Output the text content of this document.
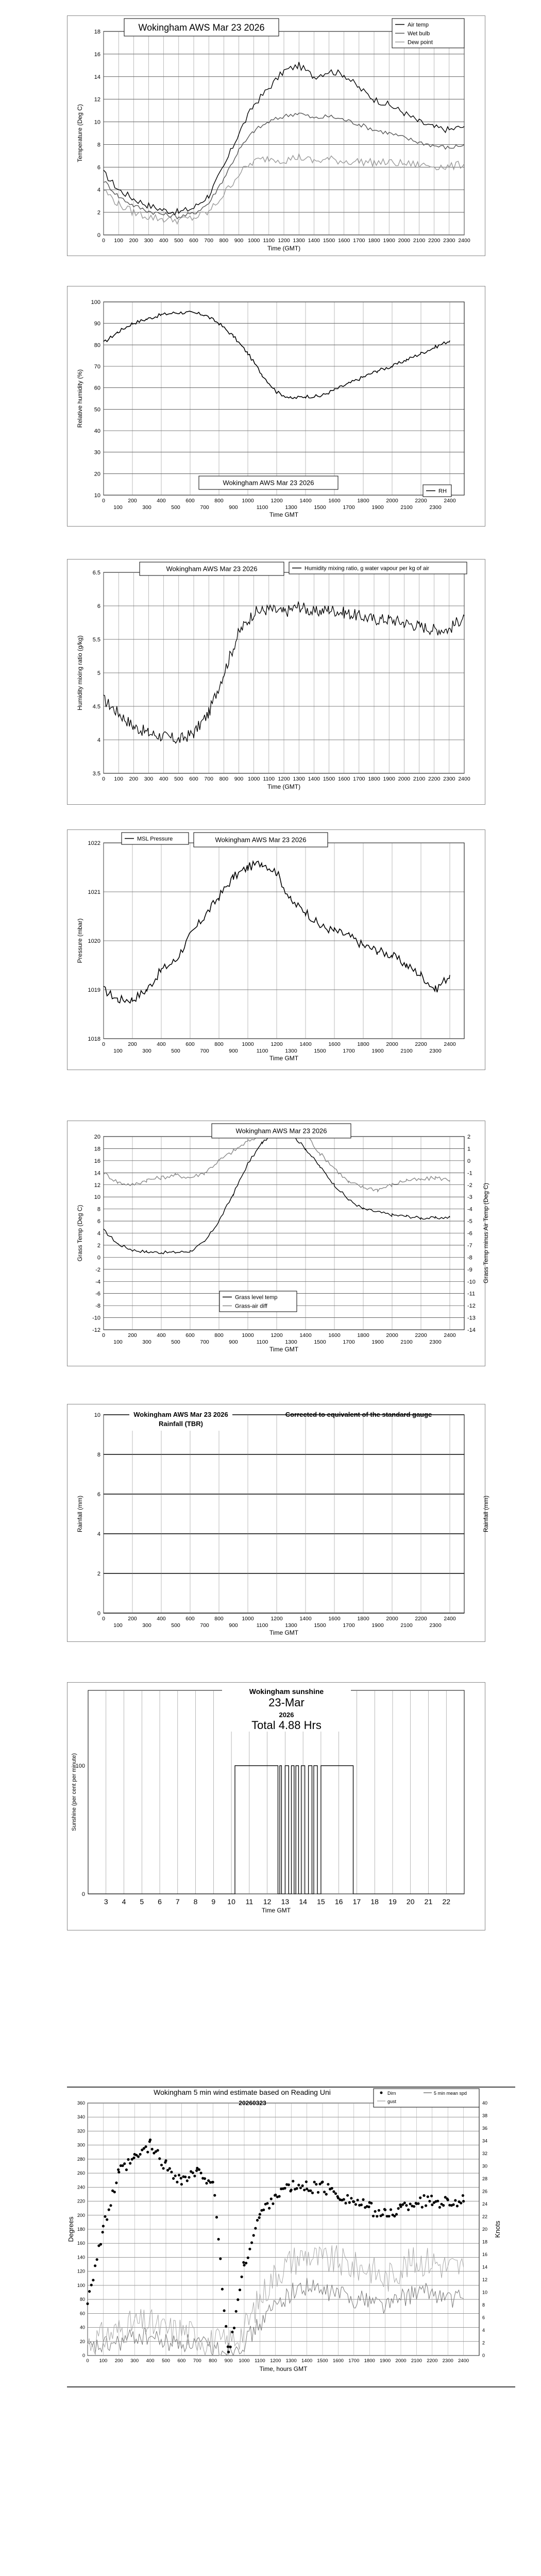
0
2
4
6
8
10
12
14
16
18
0 100 200 300 400 500 600 700 800 900 1000 1100 1200 1300 1400 1500 1600 1700 1800 1900 2000 2100 2200 2300 2400
Time (GMT)
Temperature (Deg C)
Wokingham AWS Mar 23 2026	Air temp
Wet bulb
Dew point
10
20
30
40
50
60
70
80
90
100
0	200	400	600	800	1000	1200	1400	1600	1800	2000	2200	2400
100	300	500	700	900	1100	1300	1500	1700	1900	2100	2300
Time GMT
Relative humidity (%)
Wokingham AWS Mar 23 2026
RH
3.5
4
4.5
5
5.5
6
6.5
0 100 200 300 400 500 600 700 800 900 1000 1100 1200 1300 1400 1500 1600 1700 1800 1900 2000 2100 2200 2300 2400
Time (GMT)
Humidity mixing ratio (g/kg)
Wokingham AWS Mar 23 2026	Humidity mixing ratio, g water vapour per kg of air
1018
1019
1020
1021
1022
0	200	400	600	800	1000	1200	1400	1600	1800	2000	2200	2400
100	300	500	700	900	1100	1300	1500	1700	1900	2100	2300
Time GMT
Pressure (mbar)
MSL Pressure	Wokingham AWS Mar 23 2026
-12
-10
-8
-6
-4
-2
0
2
4
6
8
10
12
14
16
18
20
0	200	400	600	800	1000	1200	1400	1600	1800	2000	2200	2400
100	300	500	700	900	1100	1300	1500	1700	1900	2100	2300
-14
-13
-12
-11
-10
-9
-8
-7
-6
-5
-4
-3
-2
-1
0
1
2
Time GMT
Grass Temp (Deg C)	Grass Temp minus Air Temp (Deg C)
Wokingham AWS Mar 23 2026
Grass level temp
Grass-air diff
0
2
4
6
8
10
0	200	400	600	800	1000	1200	1400	1600	1800	2000	2200	2400
100	300	500	700	900	1100	1300	1500	1700	1900	2100	2300
Time GMT
Rainfall (mm)	Rainfall (mm)
Wokingham AWS Mar 23 2026
Rainfall (TBR)
Corrected to equivalent of the standard gauge
3 4 5 6 7 8 9 10 11 12 13 14 15 16 17 18 19 20 21 22
0
100
Time GMT
Sunshine (per cent per minute)
Wokingham sunshine
23-Mar
2026
Total 4.88 Hrs
0
20
40
60
80
100
120
140
160
180
200
220
240
260
280
300
320
340
360
0
2
4
6
8
10
12
14
16
18
20
22
24
26
28
30
32
34
36
38
40
0 100 200 300 400 500 600 700 800 900 1000 1100 1200 1300 1400 1500 1600 1700 1800 1900 2000 2100 2200 2300 2400
Time, hours GMT
Degrees	Knots
Wokingham 5 min wind estimate based on Reading Uni
20260323
Dirn	5 min mean spd
gust
